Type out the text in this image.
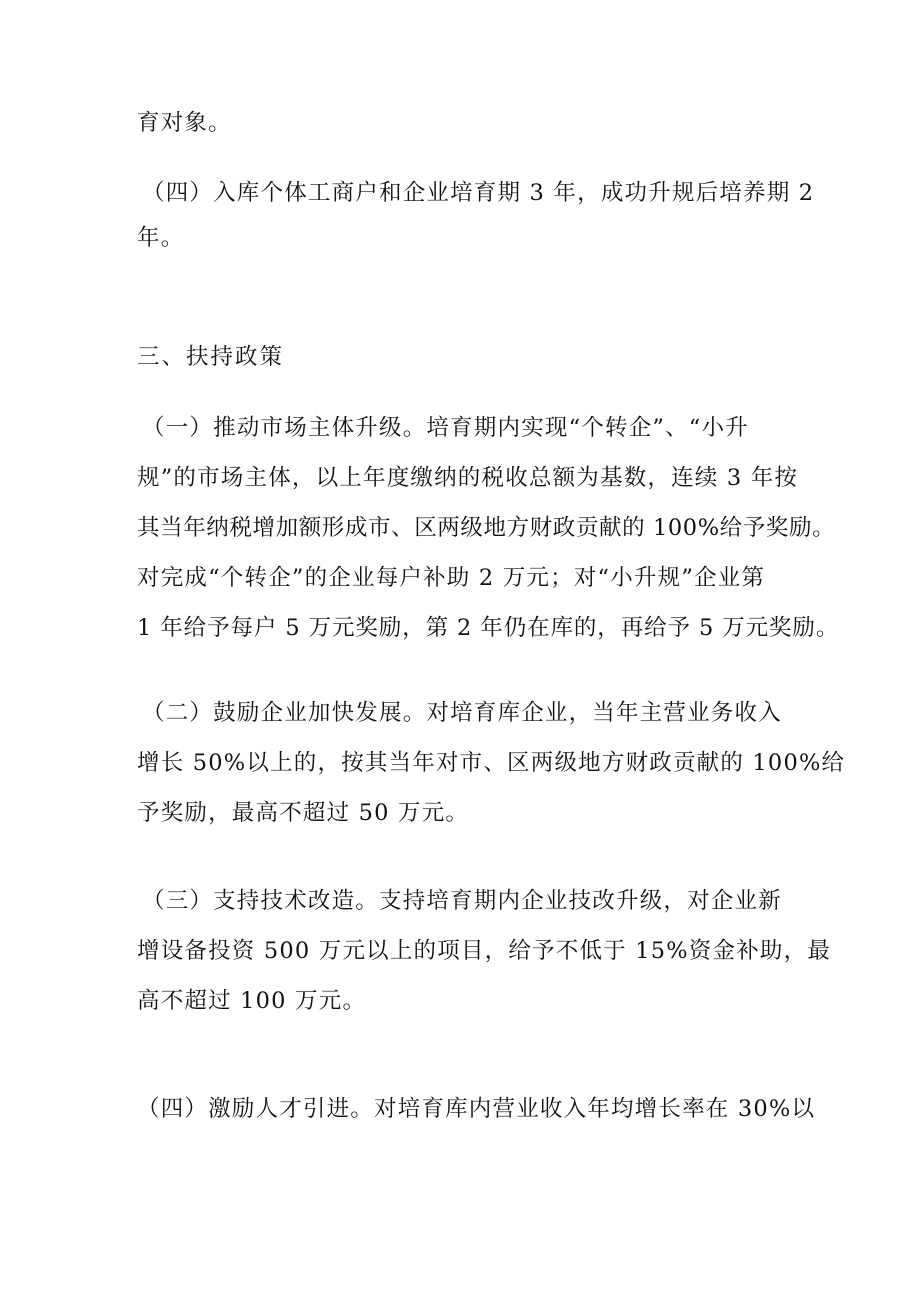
育对象。
（四）入库个体工商户和企业培育期 3 年，成功升规后培养期 2
年。
三、扶持政策
（一）推动市场主体升级。培育期内实现“个转企”、“小升
规”的市场主体，以上年度缴纳的税收总额为基数，连续 3 年按
其当年纳税增加额形成市、区两级地方财政贡献的 100%给予奖励。
对完成“个转企”的企业每户补助 2 万元；对“小升规”企业第
1 年给予每户 5 万元奖励，第 2 年仍在库的，再给予 5 万元奖励。
（二）鼓励企业加快发展。对培育库企业，当年主营业务收入
增长 50%以上的，按其当年对市、区两级地方财政贡献的 100%给
予奖励，最高不超过 50 万元。
（三）支持技术改造。支持培育期内企业技改升级，对企业新
增设备投资 500 万元以上的项目，给予不低于 15%资金补助，最
高不超过 100 万元。
（四）激励人才引进。对培育库内营业收入年均增长率在 30%以
